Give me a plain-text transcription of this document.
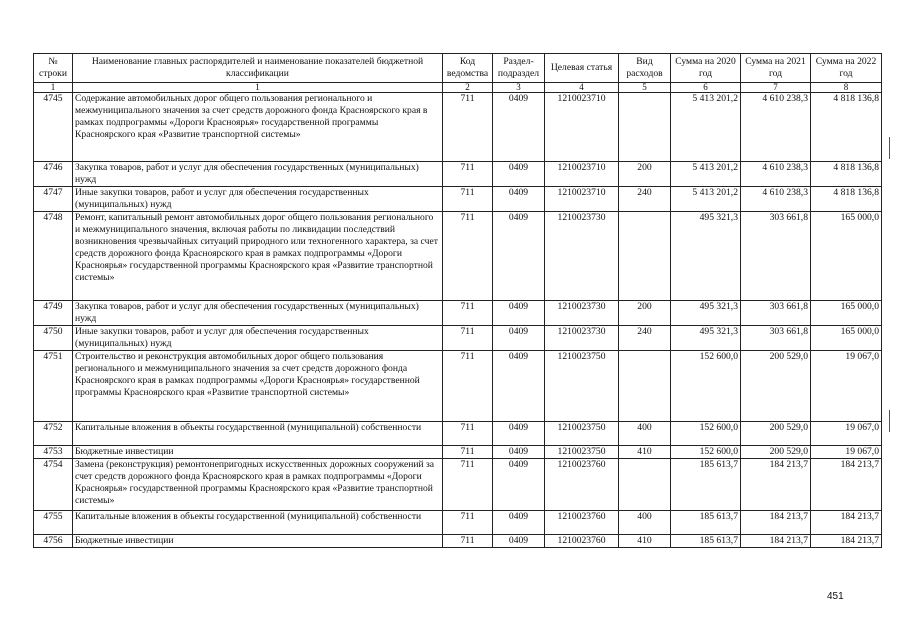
№ строки	Наименование главных распорядителей и наименование показателей бюджетной классификации	Код ведомства	Раздел-подраздел	Целевая статья	Вид расходов	Сумма на 2020 год	Сумма на 2021 год	Сумма на 2022 год
1	1	2	3	4	5	6	7	8
4745	Содержание автомобильных дорог общего пользования регионального и межмуниципального значения за счет средств дорожного фонда Красноярского края в рамках подпрограммы «Дороги Красноярья» государственной программы Красноярского края «Развитие транспортной системы»	711	0409	1210023710		5 413 201,2	4 610 238,3	4 818 136,8
4746	Закупка товаров, работ и услуг для обеспечения государственных (муниципальных) нужд	711	0409	1210023710	200	5 413 201,2	4 610 238,3	4 818 136,8
4747	Иные закупки товаров, работ и услуг для обеспечения государственных (муниципальных) нужд	711	0409	1210023710	240	5 413 201,2	4 610 238,3	4 818 136,8
4748	Ремонт, капитальный ремонт автомобильных дорог общего пользования регионального и межмуниципального значения, включая работы по ликвидации последствий возникновения чрезвычайных ситуаций природного или техногенного характера, за счет средств дорожного фонда Красноярского края в рамках подпрограммы «Дороги Красноярья» государственной программы Красноярского края «Развитие транспортной системы»	711	0409	1210023730		495 321,3	303 661,8	165 000,0
4749	Закупка товаров, работ и услуг для обеспечения государственных (муниципальных) нужд	711	0409	1210023730	200	495 321,3	303 661,8	165 000,0
4750	Иные закупки товаров, работ и услуг для обеспечения государственных (муниципальных) нужд	711	0409	1210023730	240	495 321,3	303 661,8	165 000,0
4751	Строительство и реконструкция автомобильных дорог общего пользования регионального и межмуниципального значения за счет средств дорожного фонда Красноярского края в рамках подпрограммы «Дороги Красноярья» государственной программы Красноярского края «Развитие транспортной системы»	711	0409	1210023750		152 600,0	200 529,0	19 067,0
4752	Капитальные вложения в объекты государственной (муниципальной) собственности	711	0409	1210023750	400	152 600,0	200 529,0	19 067,0
4753	Бюджетные инвестиции	711	0409	1210023750	410	152 600,0	200 529,0	19 067,0
4754	Замена (реконструкция) ремонтонепригодных искусственных дорожных сооружений за счет средств дорожного фонда Красноярского края в рамках подпрограммы «Дороги Красноярья» государственной программы Красноярского края «Развитие транспортной системы»	711	0409	1210023760		185 613,7	184 213,7	184 213,7
4755	Капитальные вложения в объекты государственной (муниципальной) собственности	711	0409	1210023760	400	185 613,7	184 213,7	184 213,7
4756	Бюджетные инвестиции	711	0409	1210023760	410	185 613,7	184 213,7	184 213,7
451
